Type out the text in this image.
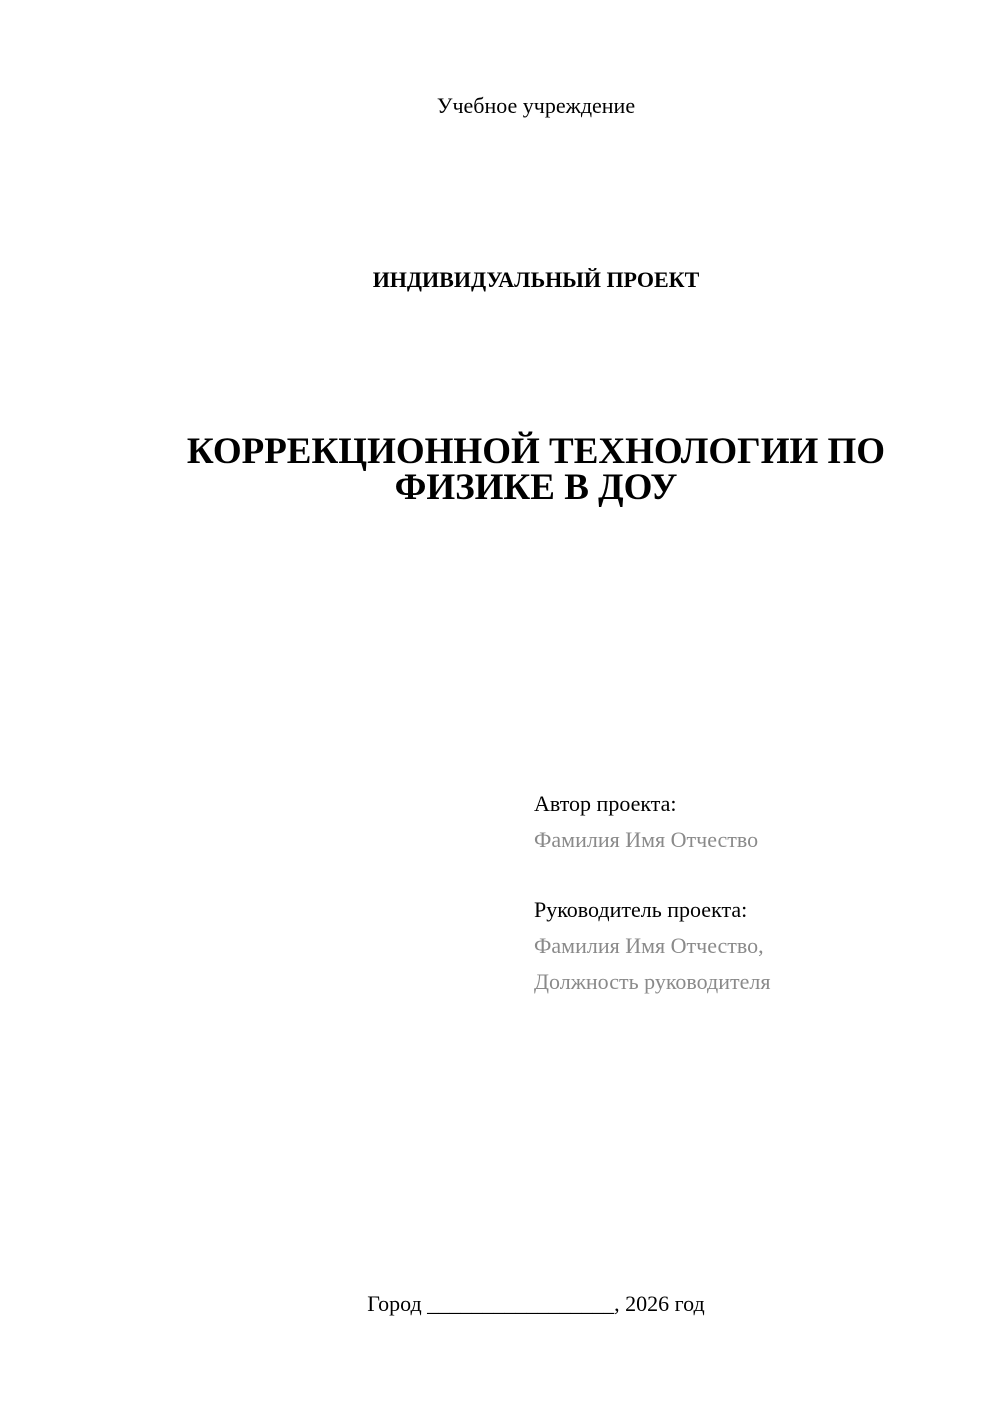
Учебное учреждение
ИНДИВИДУАЛЬНЫЙ ПРОЕКТ
КОРРЕКЦИОННОЙ ТЕХНОЛОГИИ ПО
ФИЗИКЕ В ДОУ
Автор проекта:
Фамилия Имя Отчество
Руководитель проекта:
Фамилия Имя Отчество,
Должность руководителя
Город _________________, 2026 год
